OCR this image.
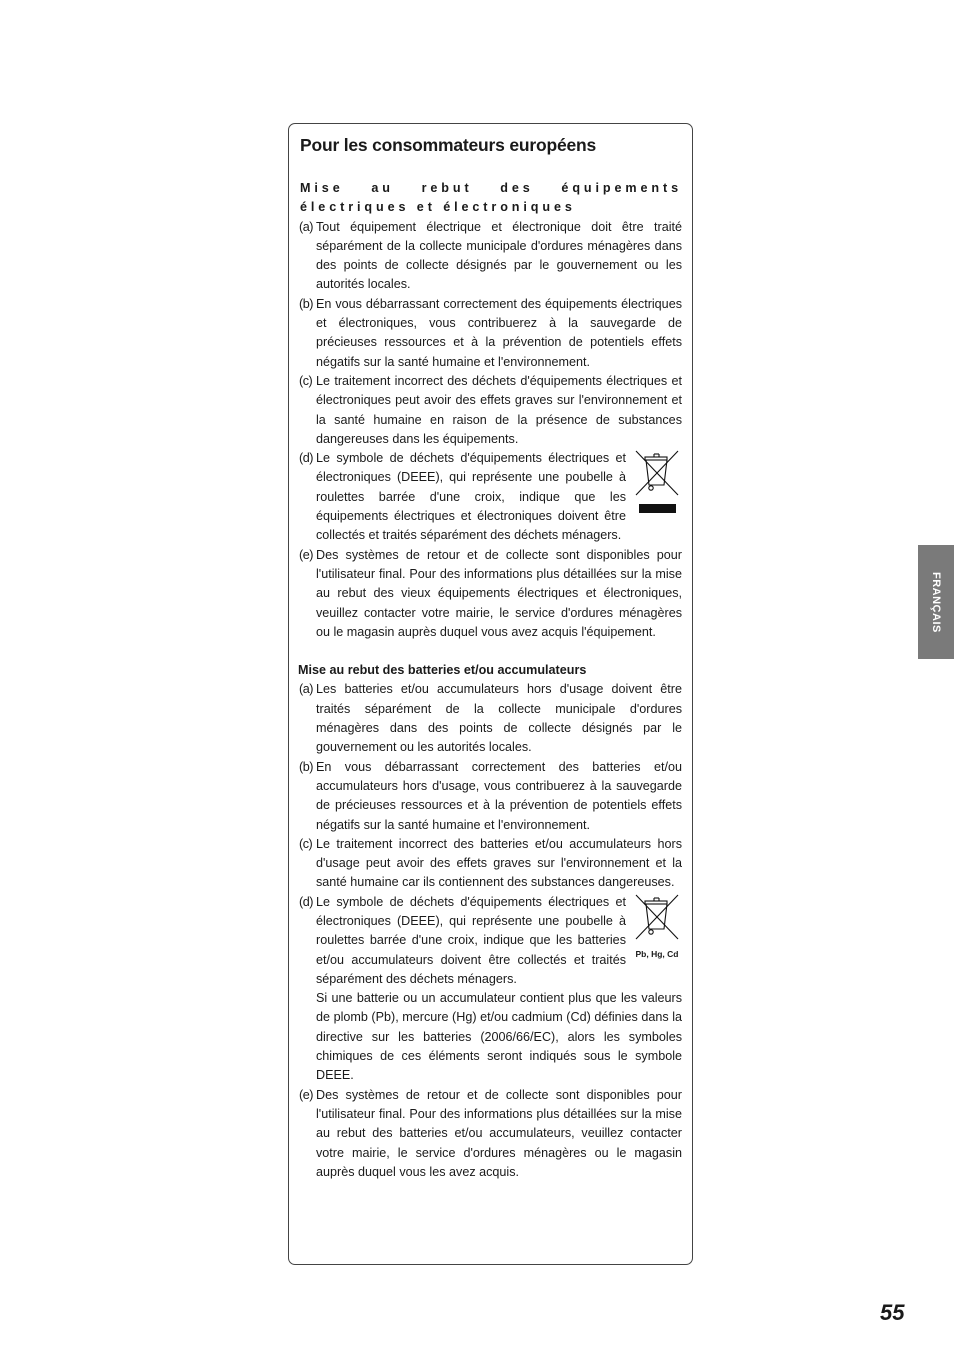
Pour les consommateurs européens

Mise au rebut des équipements électriques et électroniques

(a) Tout équipement électrique et électronique doit être traité séparément de la collecte municipale d'ordures ménagères dans des points de collecte désignés par le gouvernement ou les autorités locales.
(b) En vous débarrassant correctement des équipements électriques et électroniques, vous contribuerez à la sauvegarde de précieuses ressources et à la prévention de potentiels effets négatifs sur la santé humaine et l'environnement.
(c) Le traitement incorrect des déchets d'équipements électriques et électroniques peut avoir des effets graves sur l'environnement et la santé humaine en raison de la présence de substances dangereuses dans les équipements.
(d) Le symbole de déchets d'équipements électriques et électroniques (DEEE), qui représente une poubelle à roulettes barrée d'une croix, indique que les équipements électriques et électroniques doivent être collectés et traités séparément des déchets ménagers.
(e) Des systèmes de retour et de collecte sont disponibles pour l'utilisateur final. Pour des informations plus détaillées sur la mise au rebut des vieux équipements électriques et électroniques, veuillez contacter votre mairie, le service d'ordures ménagères ou le magasin auprès duquel vous avez acquis l'équipement.

Mise au rebut des batteries et/ou accumulateurs

(a) Les batteries et/ou accumulateurs hors d'usage doivent être traités séparément de la collecte municipale d'ordures ménagères dans des points de collecte désignés par le gouvernement ou les autorités locales.
(b) En vous débarrassant correctement des batteries et/ou accumulateurs hors d'usage, vous contribuerez à la sauvegarde de précieuses ressources et à la prévention de potentiels effets négatifs sur la santé humaine et l'environnement.
(c) Le traitement incorrect des batteries et/ou accumulateurs hors d'usage peut avoir des effets graves sur l'environnement et la santé humaine car ils contiennent des substances dangereuses.
(d)
Pb, Hg, Cd
Le symbole de déchets d'équipements électriques et électroniques (DEEE), qui représente une poubelle à roulettes barrée d'une croix, indique que les batteries et/ou accumulateurs doivent être collectés et traités séparément des déchets ménagers.
Si une batterie ou un accumulateur contient plus que les valeurs de plomb (Pb), mercure (Hg) et/ou cadmium (Cd) définies dans la directive sur les batteries (2006/66/EC), alors les symboles chimiques de ces éléments seront indiqués sous le symbole DEEE.
(e) Des systèmes de retour et de collecte sont disponibles pour l'utilisateur final. Pour des informations plus détaillées sur la mise au rebut des batteries et/ou accumulateurs, veuillez contacter votre mairie, le service d'ordures ménagères ou le magasin auprès duquel vous les avez acquis.
FRANÇAIS
55
